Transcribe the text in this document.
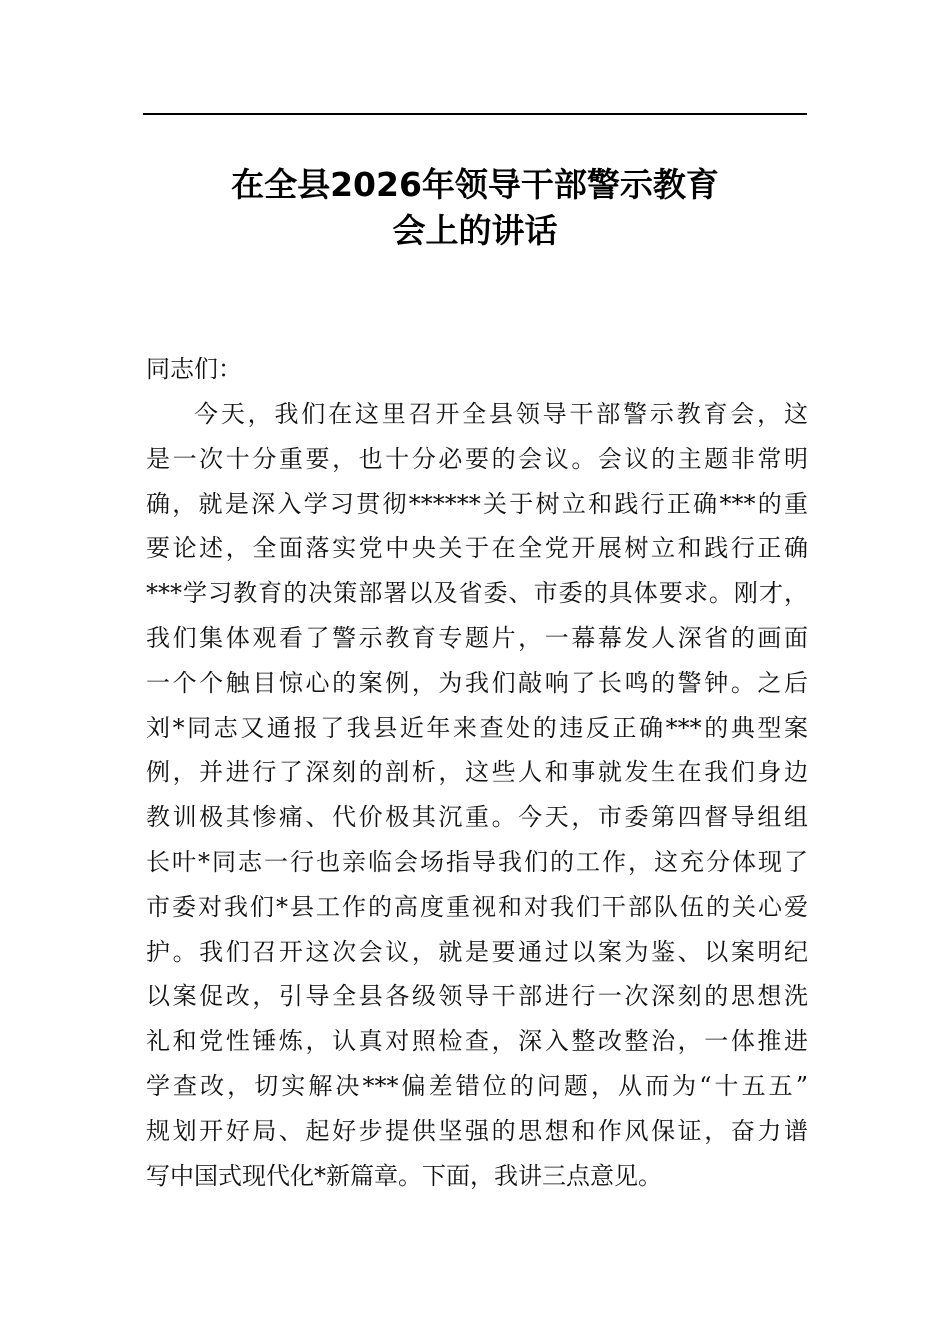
在全县2026年领导干部警示教育
会上的讲话
同志们：
今天，我们在这里召开全县领导干部警示教育会，这
是一次十分重要，也十分必要的会议。会议的主题非常明
确，就是深入学习贯彻******关于树立和践行正确***的重
要论述，全面落实党中央关于在全党开展树立和践行正确
***学习教育的决策部署以及省委、市委的具体要求。刚才，
我们集体观看了警示教育专题片，一幕幕发人深省的画面
一个个触目惊心的案例，为我们敲响了长鸣的警钟。之后
刘*同志又通报了我县近年来查处的违反正确***的典型案
例，并进行了深刻的剖析，这些人和事就发生在我们身边
教训极其惨痛、代价极其沉重。今天，市委第四督导组组
长叶*同志一行也亲临会场指导我们的工作，这充分体现了
市委对我们*县工作的高度重视和对我们干部队伍的关心爱
护。我们召开这次会议，就是要通过以案为鉴、以案明纪
以案促改，引导全县各级领导干部进行一次深刻的思想洗
礼和党性锤炼，认真对照检查，深入整改整治，一体推进
学查改，切实解决***偏差错位的问题，从而为“十五五”
规划开好局、起好步提供坚强的思想和作风保证，奋力谱
写中国式现代化*新篇章。下面，我讲三点意见。
